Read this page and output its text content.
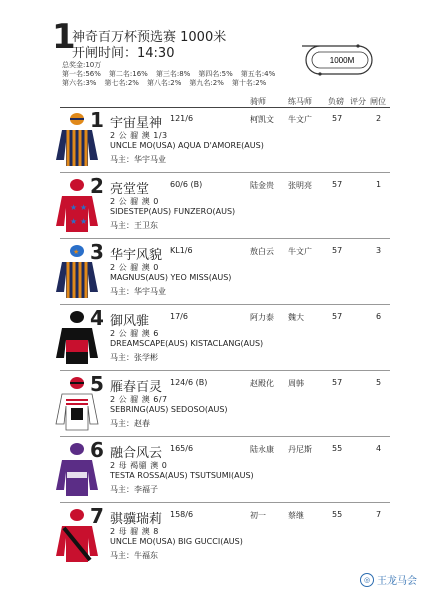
1
神奇百万杯预选赛 1000米
开闸时间：14:30
总奖金:10万
第一名:56% 第二名:16% 第三名:8% 第四名:5% 第五名:4%
第六名:3% 第七名:2% 第八名:2% 第九名:2% 第十名:2%
1000M
骑师	练马师 负磅 评分 闸位
1 宇宙星神 121/6	柯凯文 牛文广	57	2
2 公 骝 澳 1/3
UNCLE MO(USA) AQUA D'AMORE(AUS)
马主：华宇马业
★ ★
★ ★
2 亮堂堂	60/6 (B)	陆金贵 张明亮	57	1
2 公 骝 澳 0
SIDESTEP(AUS) FUNZERO(AUS)
马主：王卫东
★ 3 华宇风貌 KL1/6	敖白云 牛文广	57	3
2 公 骝 澳 0
MAGNUS(AUS) YEO MISS(AUS)
马主：华宇马业
4 御风骓	17/6	阿力泰 魏大	57	6
2 公 骝 澳 6
DREAMSCAPE(AUS) KISTACLANG(AUS)
马主：张学彬
5 雁春百灵 124/6 (B)	赵殿化 周韩	57	5
2 公 骝 澳 6/7
SEBRING(AUS) SEDOSO(AUS)
马主：赵春
6 融合风云 165/6	陆永康 丹尼斯	55	4
2 母 褐骝 澳 0
TESTA ROSSA(AUS) TSUTSUMI(AUS)
马主：李福子
7 骐骥瑞莉 158/6	初一	蔡继	55	7
2 母 骝 澳 8
UNCLE MO(USA) BIG GUCCI(AUS)
马主：牛福东
◎ 王龙马会
